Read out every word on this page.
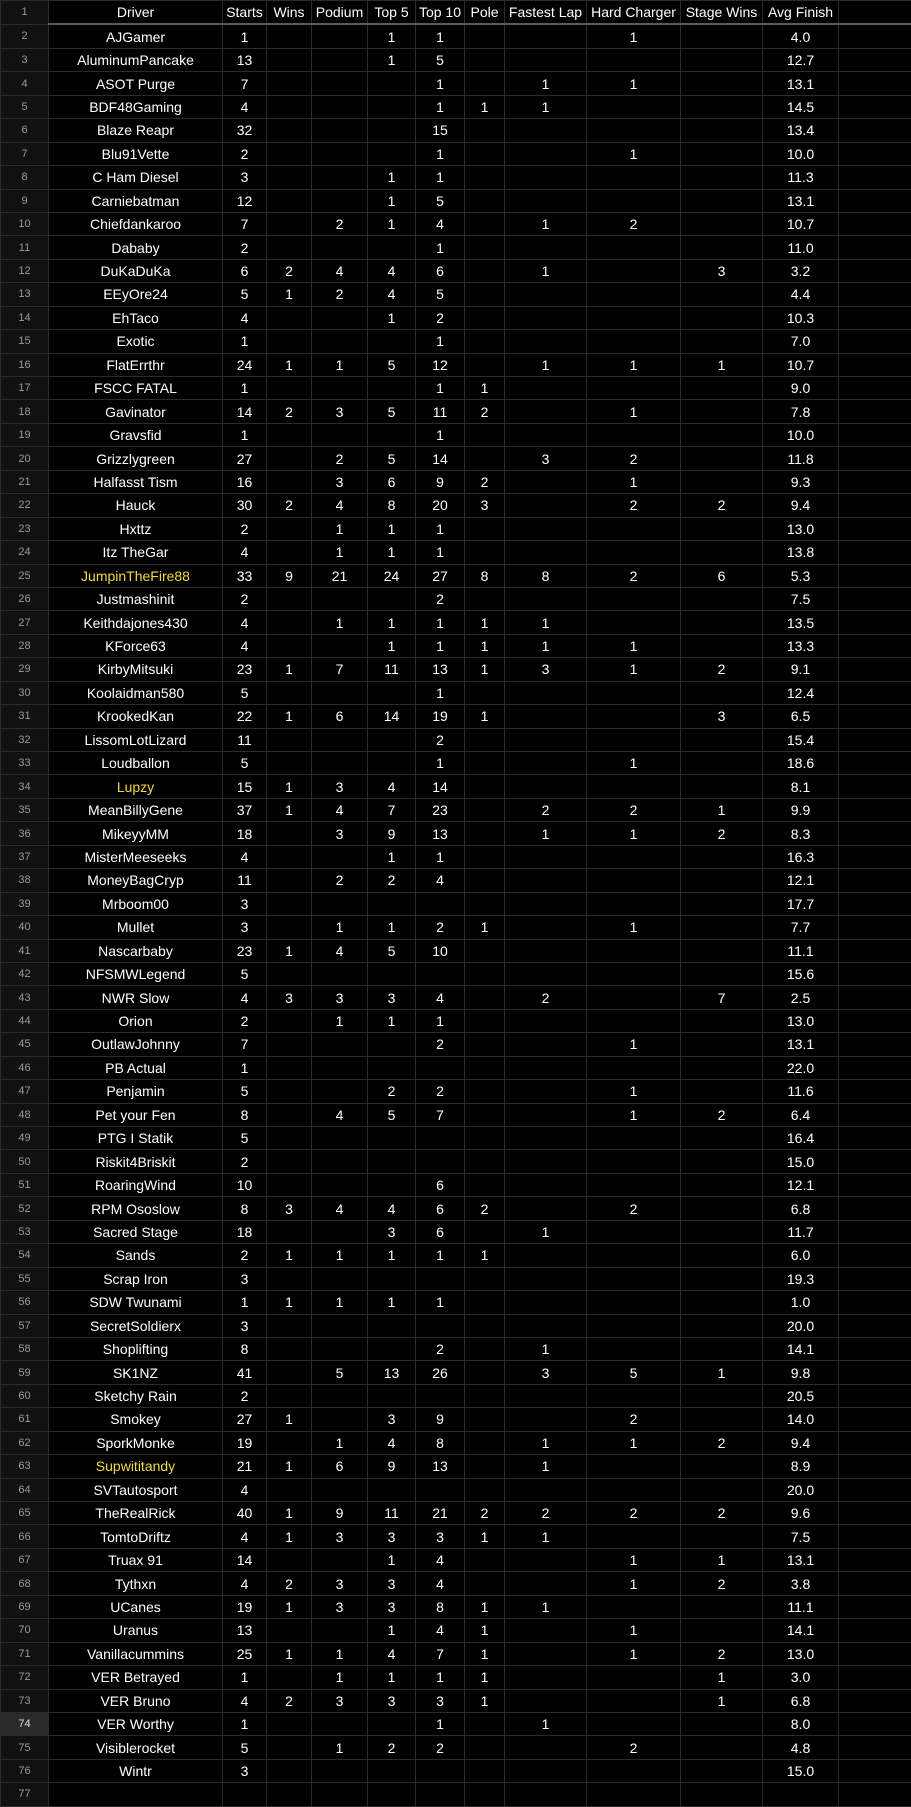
1	Driver	Starts	Wins	Podium	Top 5	Top 10	Pole	Fastest Lap	Hard Charger	Stage Wins	Avg Finish	
2	AJGamer	1			1	1			1		4.0	
3	AluminumPancake	13			1	5					12.7	
4	ASOT Purge	7				1		1	1		13.1	
5	BDF48Gaming	4				1	1	1			14.5	
6	Blaze Reapr	32				15					13.4	
7	Blu91Vette	2				1			1		10.0	
8	C Ham Diesel	3			1	1					11.3	
9	Carniebatman	12			1	5					13.1	
10	Chiefdankaroo	7		2	1	4		1	2		10.7	
11	Dababy	2				1					11.0	
12	DuKaDuKa	6	2	4	4	6		1		3	3.2	
13	EEyOre24	5	1	2	4	5					4.4	
14	EhTaco	4			1	2					10.3	
15	Exotic	1				1					7.0	
16	FlatErrthr	24	1	1	5	12		1	1	1	10.7	
17	FSCC FATAL	1				1	1				9.0	
18	Gavinator	14	2	3	5	11	2		1		7.8	
19	Gravsfid	1				1					10.0	
20	Grizzlygreen	27		2	5	14		3	2		11.8	
21	Halfasst Tism	16		3	6	9	2		1		9.3	
22	Hauck	30	2	4	8	20	3		2	2	9.4	
23	Hxttz	2		1	1	1					13.0	
24	Itz TheGar	4		1	1	1					13.8	
25	JumpinTheFire88	33	9	21	24	27	8	8	2	6	5.3	
26	Justmashinit	2				2					7.5	
27	Keithdajones430	4		1	1	1	1	1			13.5	
28	KForce63	4			1	1	1	1	1		13.3	
29	KirbyMitsuki	23	1	7	11	13	1	3	1	2	9.1	
30	Koolaidman580	5				1					12.4	
31	KrookedKan	22	1	6	14	19	1			3	6.5	
32	LissomLotLizard	11				2					15.4	
33	Loudballon	5				1			1		18.6	
34	Lupzy	15	1	3	4	14					8.1	
35	MeanBillyGene	37	1	4	7	23		2	2	1	9.9	
36	MikeyyMM	18		3	9	13		1	1	2	8.3	
37	MisterMeeseeks	4			1	1					16.3	
38	MoneyBagCryp	11		2	2	4					12.1	
39	Mrboom00	3									17.7	
40	Mullet	3		1	1	2	1		1		7.7	
41	Nascarbaby	23	1	4	5	10					11.1	
42	NFSMWLegend	5									15.6	
43	NWR Slow	4	3	3	3	4		2		7	2.5	
44	Orion	2		1	1	1					13.0	
45	OutlawJohnny	7				2			1		13.1	
46	PB Actual	1									22.0	
47	Penjamin	5			2	2			1		11.6	
48	Pet your Fen	8		4	5	7			1	2	6.4	
49	PTG I Statik	5									16.4	
50	Riskit4Briskit	2									15.0	
51	RoaringWind	10				6					12.1	
52	RPM Ososlow	8	3	4	4	6	2		2		6.8	
53	Sacred Stage	18			3	6		1			11.7	
54	Sands	2	1	1	1	1	1				6.0	
55	Scrap Iron	3									19.3	
56	SDW Twunami	1	1	1	1	1					1.0	
57	SecretSoldierx	3									20.0	
58	Shoplifting	8				2		1			14.1	
59	SK1NZ	41		5	13	26		3	5	1	9.8	
60	Sketchy Rain	2									20.5	
61	Smokey	27	1		3	9			2		14.0	
62	SporkMonke	19		1	4	8		1	1	2	9.4	
63	Supwititandy	21	1	6	9	13		1			8.9	
64	SVTautosport	4									20.0	
65	TheRealRick	40	1	9	11	21	2	2	2	2	9.6	
66	TomtoDriftz	4	1	3	3	3	1	1			7.5	
67	Truax 91	14			1	4			1	1	13.1	
68	Tythxn	4	2	3	3	4			1	2	3.8	
69	UCanes	19	1	3	3	8	1	1			11.1	
70	Uranus	13			1	4	1		1		14.1	
71	Vanillacummins	25	1	1	4	7	1		1	2	13.0	
72	VER Betrayed	1		1	1	1	1			1	3.0	
73	VER Bruno	4	2	3	3	3	1			1	6.8	
74	VER Worthy	1				1		1			8.0	
75	Visiblerocket	5		1	2	2			2		4.8	
76	Wintr	3									15.0	
77												
